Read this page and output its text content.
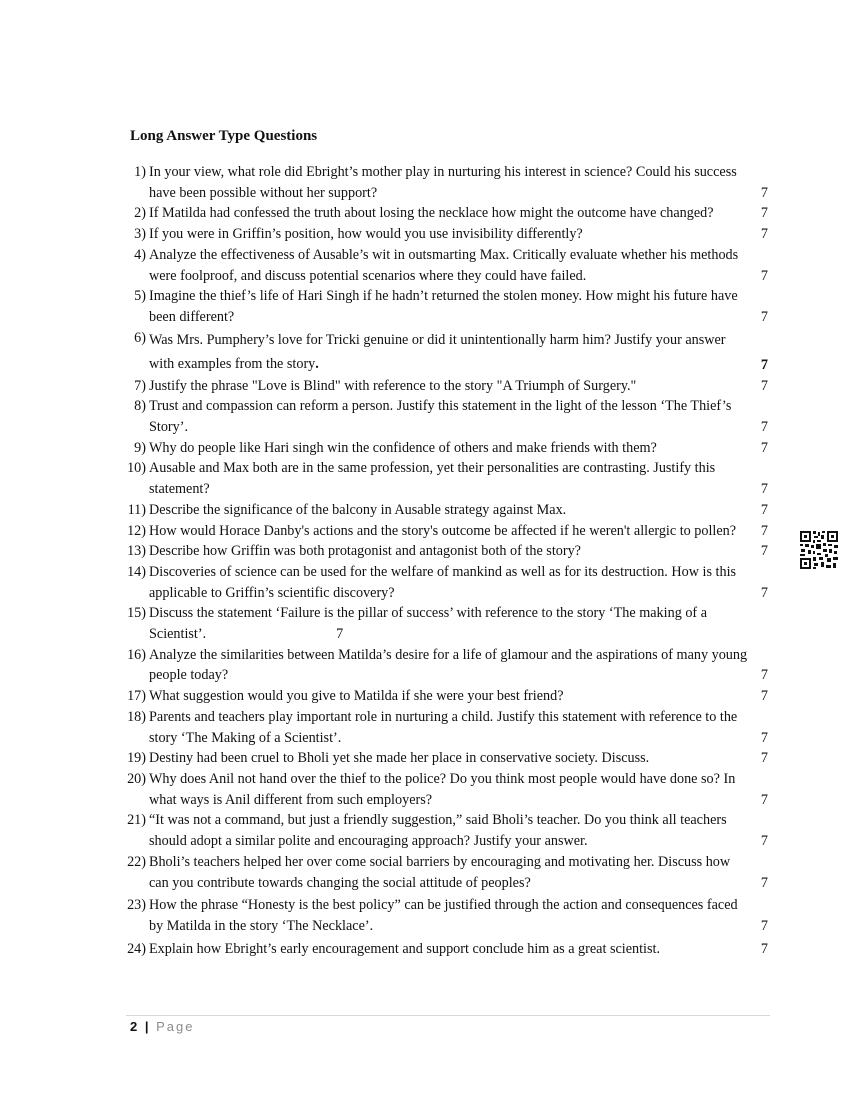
Long Answer Type Questions
1) In your view, what role did Ebright’s mother play in nurturing his interest in science? Could his success have been possible without her support?	7
2) If Matilda had confessed the truth about losing the necklace how might the outcome have changed?	7
3) If you were in Griffin’s position, how would you use invisibility differently?	7
4) Analyze the effectiveness of Ausable’s wit in outsmarting Max. Critically evaluate whether his methods were foolproof, and discuss potential scenarios where they could have failed.	7
5) Imagine the thief’s life of Hari Singh if he hadn’t returned the stolen money. How might his future have been different?	7
6) Was Mrs. Pumphery’s love for Tricki genuine or did it unintentionally harm him? Justify your answer with examples from the story.	7
7) Justify the phrase "Love is Blind" with reference to the story "A Triumph of Surgery."	7
8) Trust and compassion can reform a person. Justify this statement in the light of the lesson ‘The Thief’s Story’.	7
9) Why do people like Hari singh win the confidence of others and make friends with them?	7
10) Ausable and Max both are in the same profession, yet their personalities are contrasting. Justify this statement?	7
11) Describe the significance of the balcony in Ausable strategy against Max.	7
12) How would Horace Danby's actions and the story's outcome be affected if he weren't allergic to pollen?	7
13) Describe how Griffin was both protagonist and antagonist both of the story?	7
14) Discoveries of science can be used for the welfare of mankind as well as for its destruction. How is this applicable to Griffin’s scientific discovery?	7
15) Discuss the statement ‘Failure is the pillar of success’ with reference to the story ‘The making of a Scientist’.	7
16) Analyze the similarities between Matilda’s desire for a life of glamour and the aspirations of many young people today?	7
17) What suggestion would you give to Matilda if she were your best friend?	7
18) Parents and teachers play important role in nurturing a child. Justify this statement with reference to the story ‘The Making of a Scientist’.	7
19) Destiny had been cruel to Bholi yet she made her place in conservative society. Discuss.	7
20) Why does Anil not hand over the thief to the police? Do you think most people would have done so? In what ways is Anil different from such employers?	7
21) “It was not a command, but just a friendly suggestion,” said Bholi’s teacher. Do you think all teachers should adopt a similar polite and encouraging approach? Justify your answer.	7
22) Bholi’s teachers helped her over come social barriers by encouraging and motivating her. Discuss how can you contribute towards changing the social attitude of peoples?	7
23) How the phrase “Honesty is the best policy” can be justified through the action and consequences faced by Matilda in the story ‘The Necklace’.	7
24) Explain how Ebright’s early encouragement and support conclude him as a great scientist.	7
2 | Page
